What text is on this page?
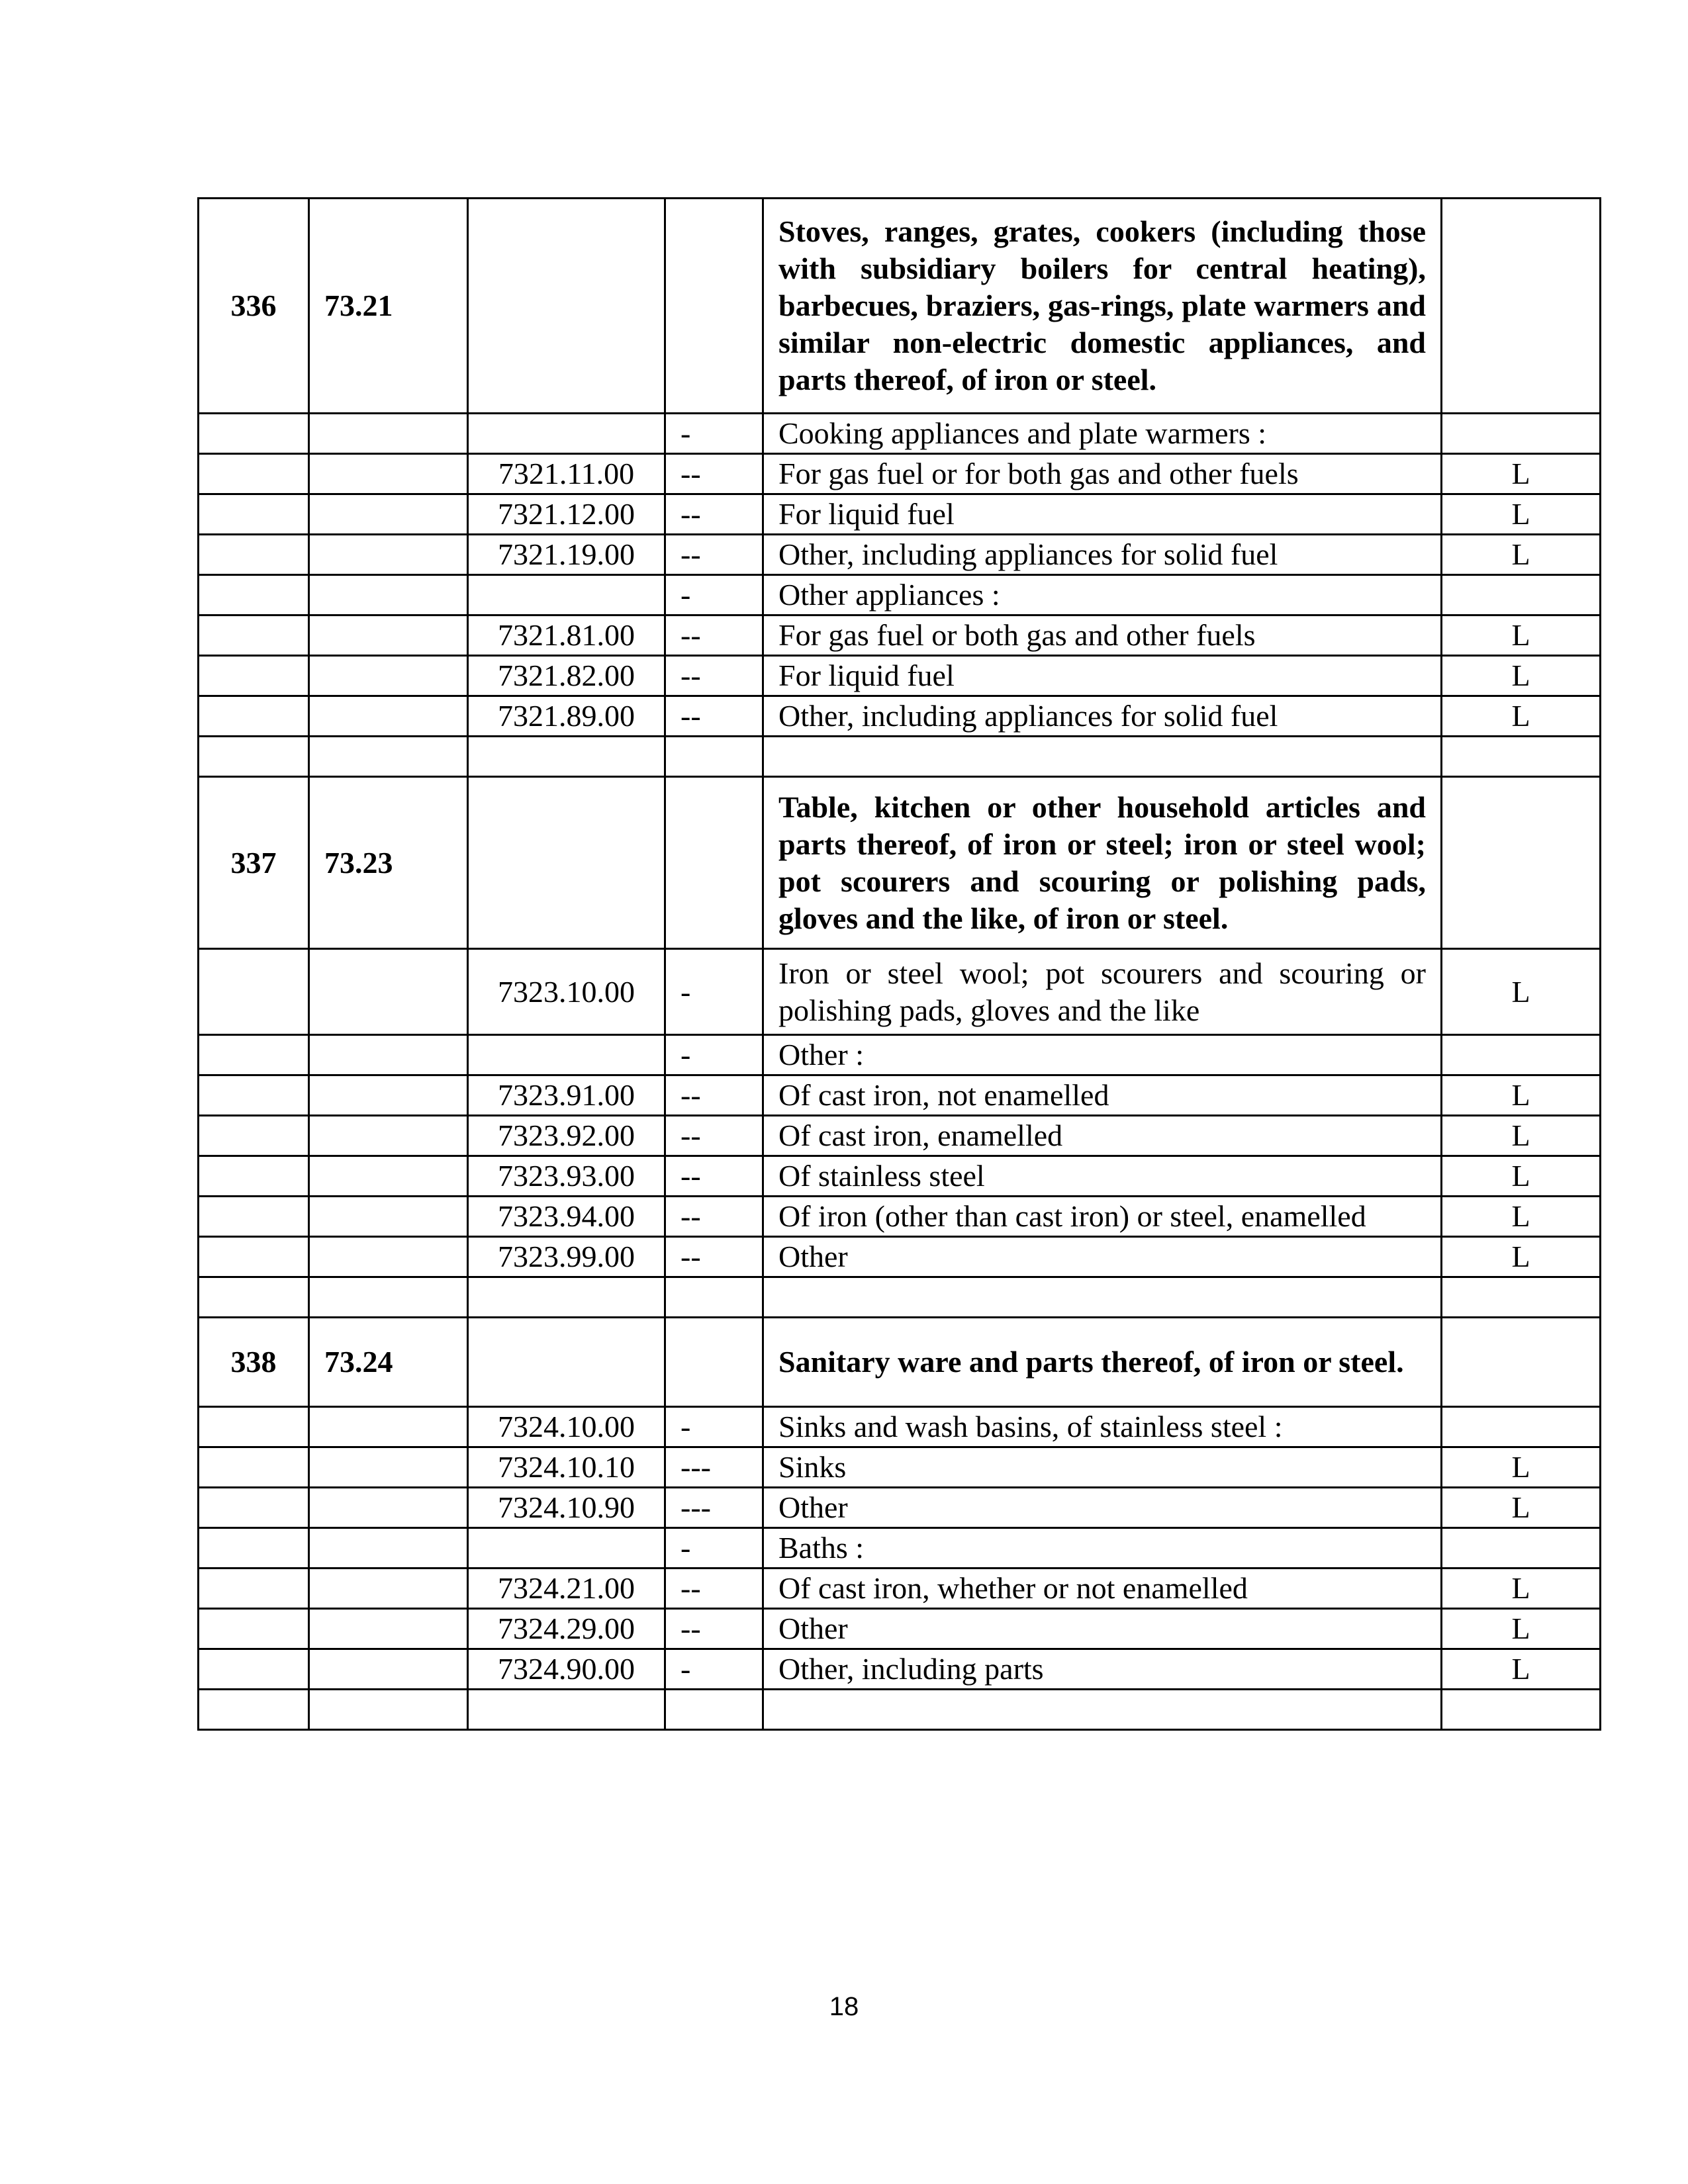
336	73.21			Stoves, ranges, grates, cookers (including those with subsidiary boilers for central heating), barbecues, braziers, gas-rings, plate warmers and similar non-electric domestic appliances, and parts thereof, of iron or steel.	
			-	Cooking appliances and plate warmers :	
		7321.11.00	--	For gas fuel or for both gas and other fuels	L
		7321.12.00	--	For liquid fuel	L
		7321.19.00	--	Other, including appliances for solid fuel	L
			-	Other appliances :	
		7321.81.00	--	For gas fuel or both gas and other fuels	L
		7321.82.00	--	For liquid fuel	L
		7321.89.00	--	Other, including appliances for solid fuel	L

337	73.23			Table, kitchen or other household articles and parts thereof, of iron or steel; iron or steel wool; pot scourers and scouring or polishing pads, gloves and the like, of iron or steel.	
		7323.10.00	-	Iron or steel wool; pot scourers and scouring or polishing pads, gloves and the like	L
			-	Other :	
		7323.91.00	--	Of cast iron, not enamelled	L
		7323.92.00	--	Of cast iron, enamelled	L
		7323.93.00	--	Of stainless steel	L
		7323.94.00	--	Of iron (other than cast iron) or steel, enamelled	L
		7323.99.00	--	Other	L

338	73.24			Sanitary ware and parts thereof, of iron or steel.	
		7324.10.00	-	Sinks and wash basins, of stainless steel :	
		7324.10.10	---	Sinks	L
		7324.10.90	---	Other	L
			-	Baths :	
		7324.21.00	--	Of cast iron, whether or not enamelled	L
		7324.29.00	--	Other	L
		7324.90.00	-	Other, including parts	L

18
